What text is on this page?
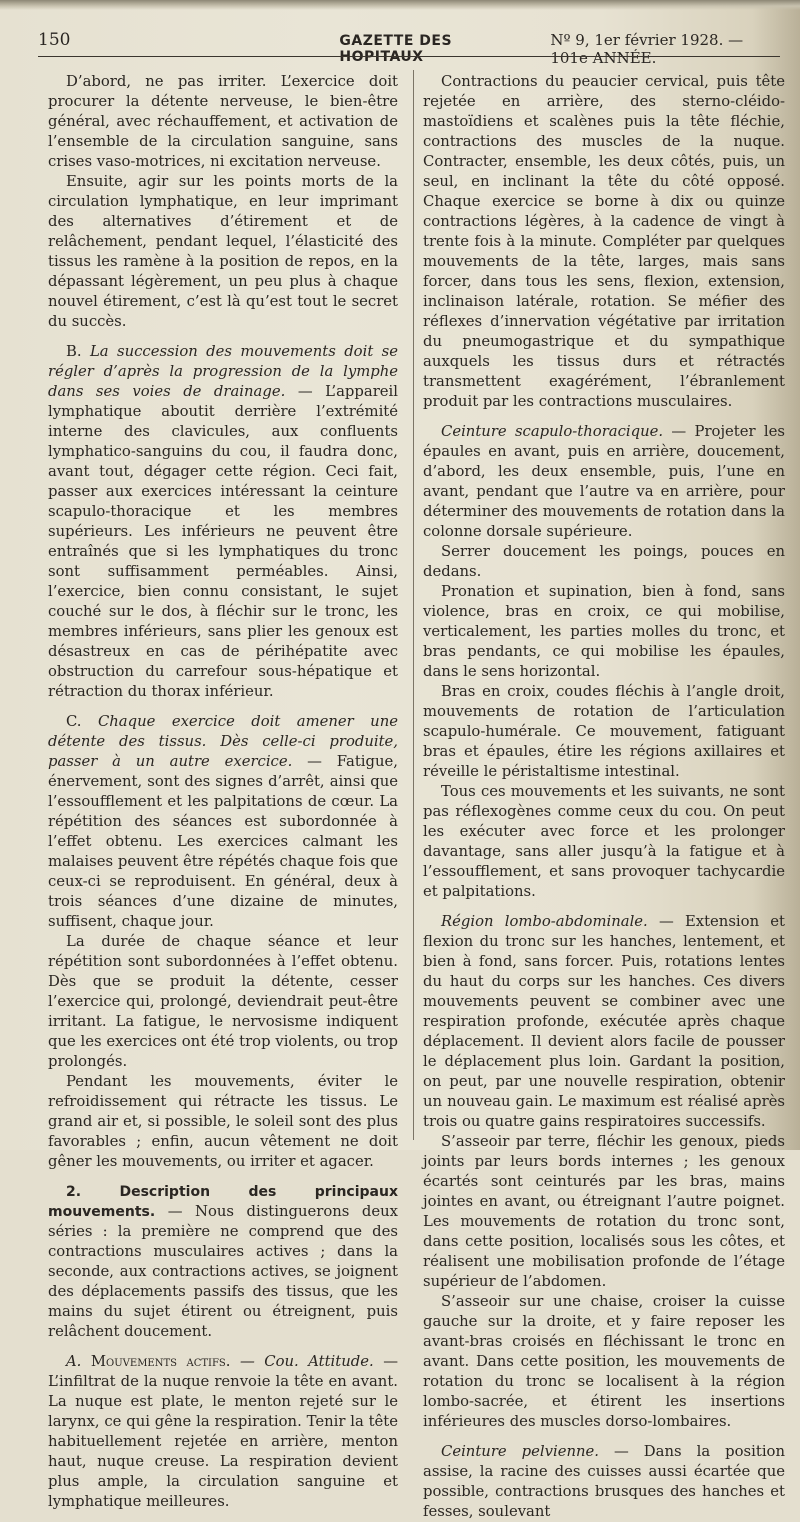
150	GAZETTE DES HOPITAUX
Nº 9, 1er février 1928. — 101e ANNÉE.

D’abord, ne pas irriter. L’exercice doit procurer la détente nerveuse, le bien-être général, avec réchauffement, et activation de l’ensemble de la circulation sanguine, sans crises vaso-motrices, ni excitation nerveuse.

Ensuite, agir sur les points morts de la circulation lymphatique, en leur imprimant des alternatives d’étirement et de relâchement, pendant lequel, l’élasticité des tissus les ramène à la position de repos, en la dépassant légèrement, un peu plus à chaque nouvel étirement, c’est là qu’est tout le secret du succès.

B. La succession des mouvements doit se régler d’après la progression de la lymphe dans ses voies de drainage. — L’appareil lymphatique aboutit derrière l’extrémité interne des clavicules, aux confluents lymphatico-sanguins du cou, il faudra donc, avant tout, dégager cette région. Ceci fait, passer aux exercices intéressant la ceinture scapulo-thoracique et les membres supérieurs. Les inférieurs ne peuvent être entraînés que si les lymphatiques du tronc sont suffisamment perméables. Ainsi, l’exercice, bien connu consistant, le sujet couché sur le dos, à fléchir sur le tronc, les membres inférieurs, sans plier les genoux est désastreux en cas de périhépatite avec obstruction du carrefour sous-hépatique et rétraction du thorax inférieur.

C. Chaque exercice doit amener une détente des tissus. Dès celle-ci produite, passer à un autre exercice. — Fatigue, énervement, sont des signes d’arrêt, ainsi que l’essoufflement et les palpitations de cœur. La répétition des séances est subordonnée à l’effet obtenu. Les exercices calmant les malaises peuvent être répétés chaque fois que ceux-ci se reproduisent. En général, deux à trois séances d’une dizaine de minutes, suffisent, chaque jour.

La durée de chaque séance et leur répétition sont subordonnées à l’effet obtenu. Dès que se produit la détente, cesser l’exercice qui, prolongé, deviendrait peut-être irritant. La fatigue, le nervosisme indiquent que les exercices ont été trop violents, ou trop prolongés.

Pendant les mouvements, éviter le refroidissement qui rétracte les tissus. Le grand air et, si possible, le soleil sont des plus favorables ; enfin, aucun vêtement ne doit gêner les mouvements, ou irriter et agacer.

2. Description des principaux mouvements. — Nous distinguerons deux séries : la première ne comprend que des contractions musculaires actives ; dans la seconde, aux contractions actives, se joignent des déplacements passifs des tissus, que les mains du sujet étirent ou étreignent, puis relâchent doucement.

A. Mouvements actifs. — Cou. Attitude. — L’infiltrat de la nuque renvoie la tête en avant. La nuque est plate, le menton rejeté sur le larynx, ce qui gêne la respiration. Tenir la tête habituellement rejetée en arrière, menton haut, nuque creuse. La respiration devient plus ample, la circulation sanguine et lymphatique meilleures.

Contractions du peaucier cervical, puis tête rejetée en arrière, des sterno-cléido-mastoïdiens et scalènes puis la tête fléchie, contractions des muscles de la nuque. Contracter, ensemble, les deux côtés, puis, un seul, en inclinant la tête du côté opposé. Chaque exercice se borne à dix ou quinze contractions légères, à la cadence de vingt à trente fois à la minute. Compléter par quelques mouvements de la tête, larges, mais sans forcer, dans tous les sens, flexion, extension, inclinaison latérale, rotation. Se méfier des réflexes d’innervation végétative par irritation du pneumogastrique et du sympathique auxquels les tissus durs et rétractés transmettent exagérément, l’ébranlement produit par les contractions musculaires.

Ceinture scapulo-thoracique. — Projeter les épaules en avant, puis en arrière, doucement, d’abord, les deux ensemble, puis, l’une en avant, pendant que l’autre va en arrière, pour déterminer des mouvements de rotation dans la colonne dorsale supérieure.

Serrer doucement les poings, pouces en dedans.

Pronation et supination, bien à fond, sans violence, bras en croix, ce qui mobilise, verticalement, les parties molles du tronc, et bras pendants, ce qui mobilise les épaules, dans le sens horizontal.

Bras en croix, coudes fléchis à l’angle droit, mouvements de rotation de l’articulation scapulo-humérale. Ce mouvement, fatiguant bras et épaules, étire les régions axillaires et réveille le péristaltisme intestinal.

Tous ces mouvements et les suivants, ne sont pas réflexogènes comme ceux du cou. On peut les exécuter avec force et les prolonger davantage, sans aller jusqu’à la fatigue et à l’essoufflement, et sans provoquer tachycardie et palpitations.

Région lombo-abdominale. — Extension et flexion du tronc sur les hanches, lentement, et bien à fond, sans forcer. Puis, rotations lentes du haut du corps sur les hanches. Ces divers mouvements peuvent se combiner avec une respiration profonde, exécutée après chaque déplacement. Il devient alors facile de pousser le déplacement plus loin. Gardant la position, on peut, par une nouvelle respiration, obtenir un nouveau gain. Le maximum est réalisé après trois ou quatre gains respiratoires successifs.

S’asseoir par terre, fléchir les genoux, pieds joints par leurs bords internes ; les genoux écartés sont ceinturés par les bras, mains jointes en avant, ou étreignant l’autre poignet. Les mouvements de rotation du tronc sont, dans cette position, localisés sous les côtes, et réalisent une mobilisation profonde de l’étage supérieur de l’abdomen.

S’asseoir sur une chaise, croiser la cuisse gauche sur la droite, et y faire reposer les avant-bras croisés en fléchissant le tronc en avant. Dans cette position, les mouvements de rotation du tronc se localisent à la région lombo-sacrée, et étirent les insertions inférieures des muscles dorso-lombaires.

Ceinture pelvienne. — Dans la position assise, la racine des cuisses aussi écartée que possible, contractions brusques des hanches et fesses, soulevant
